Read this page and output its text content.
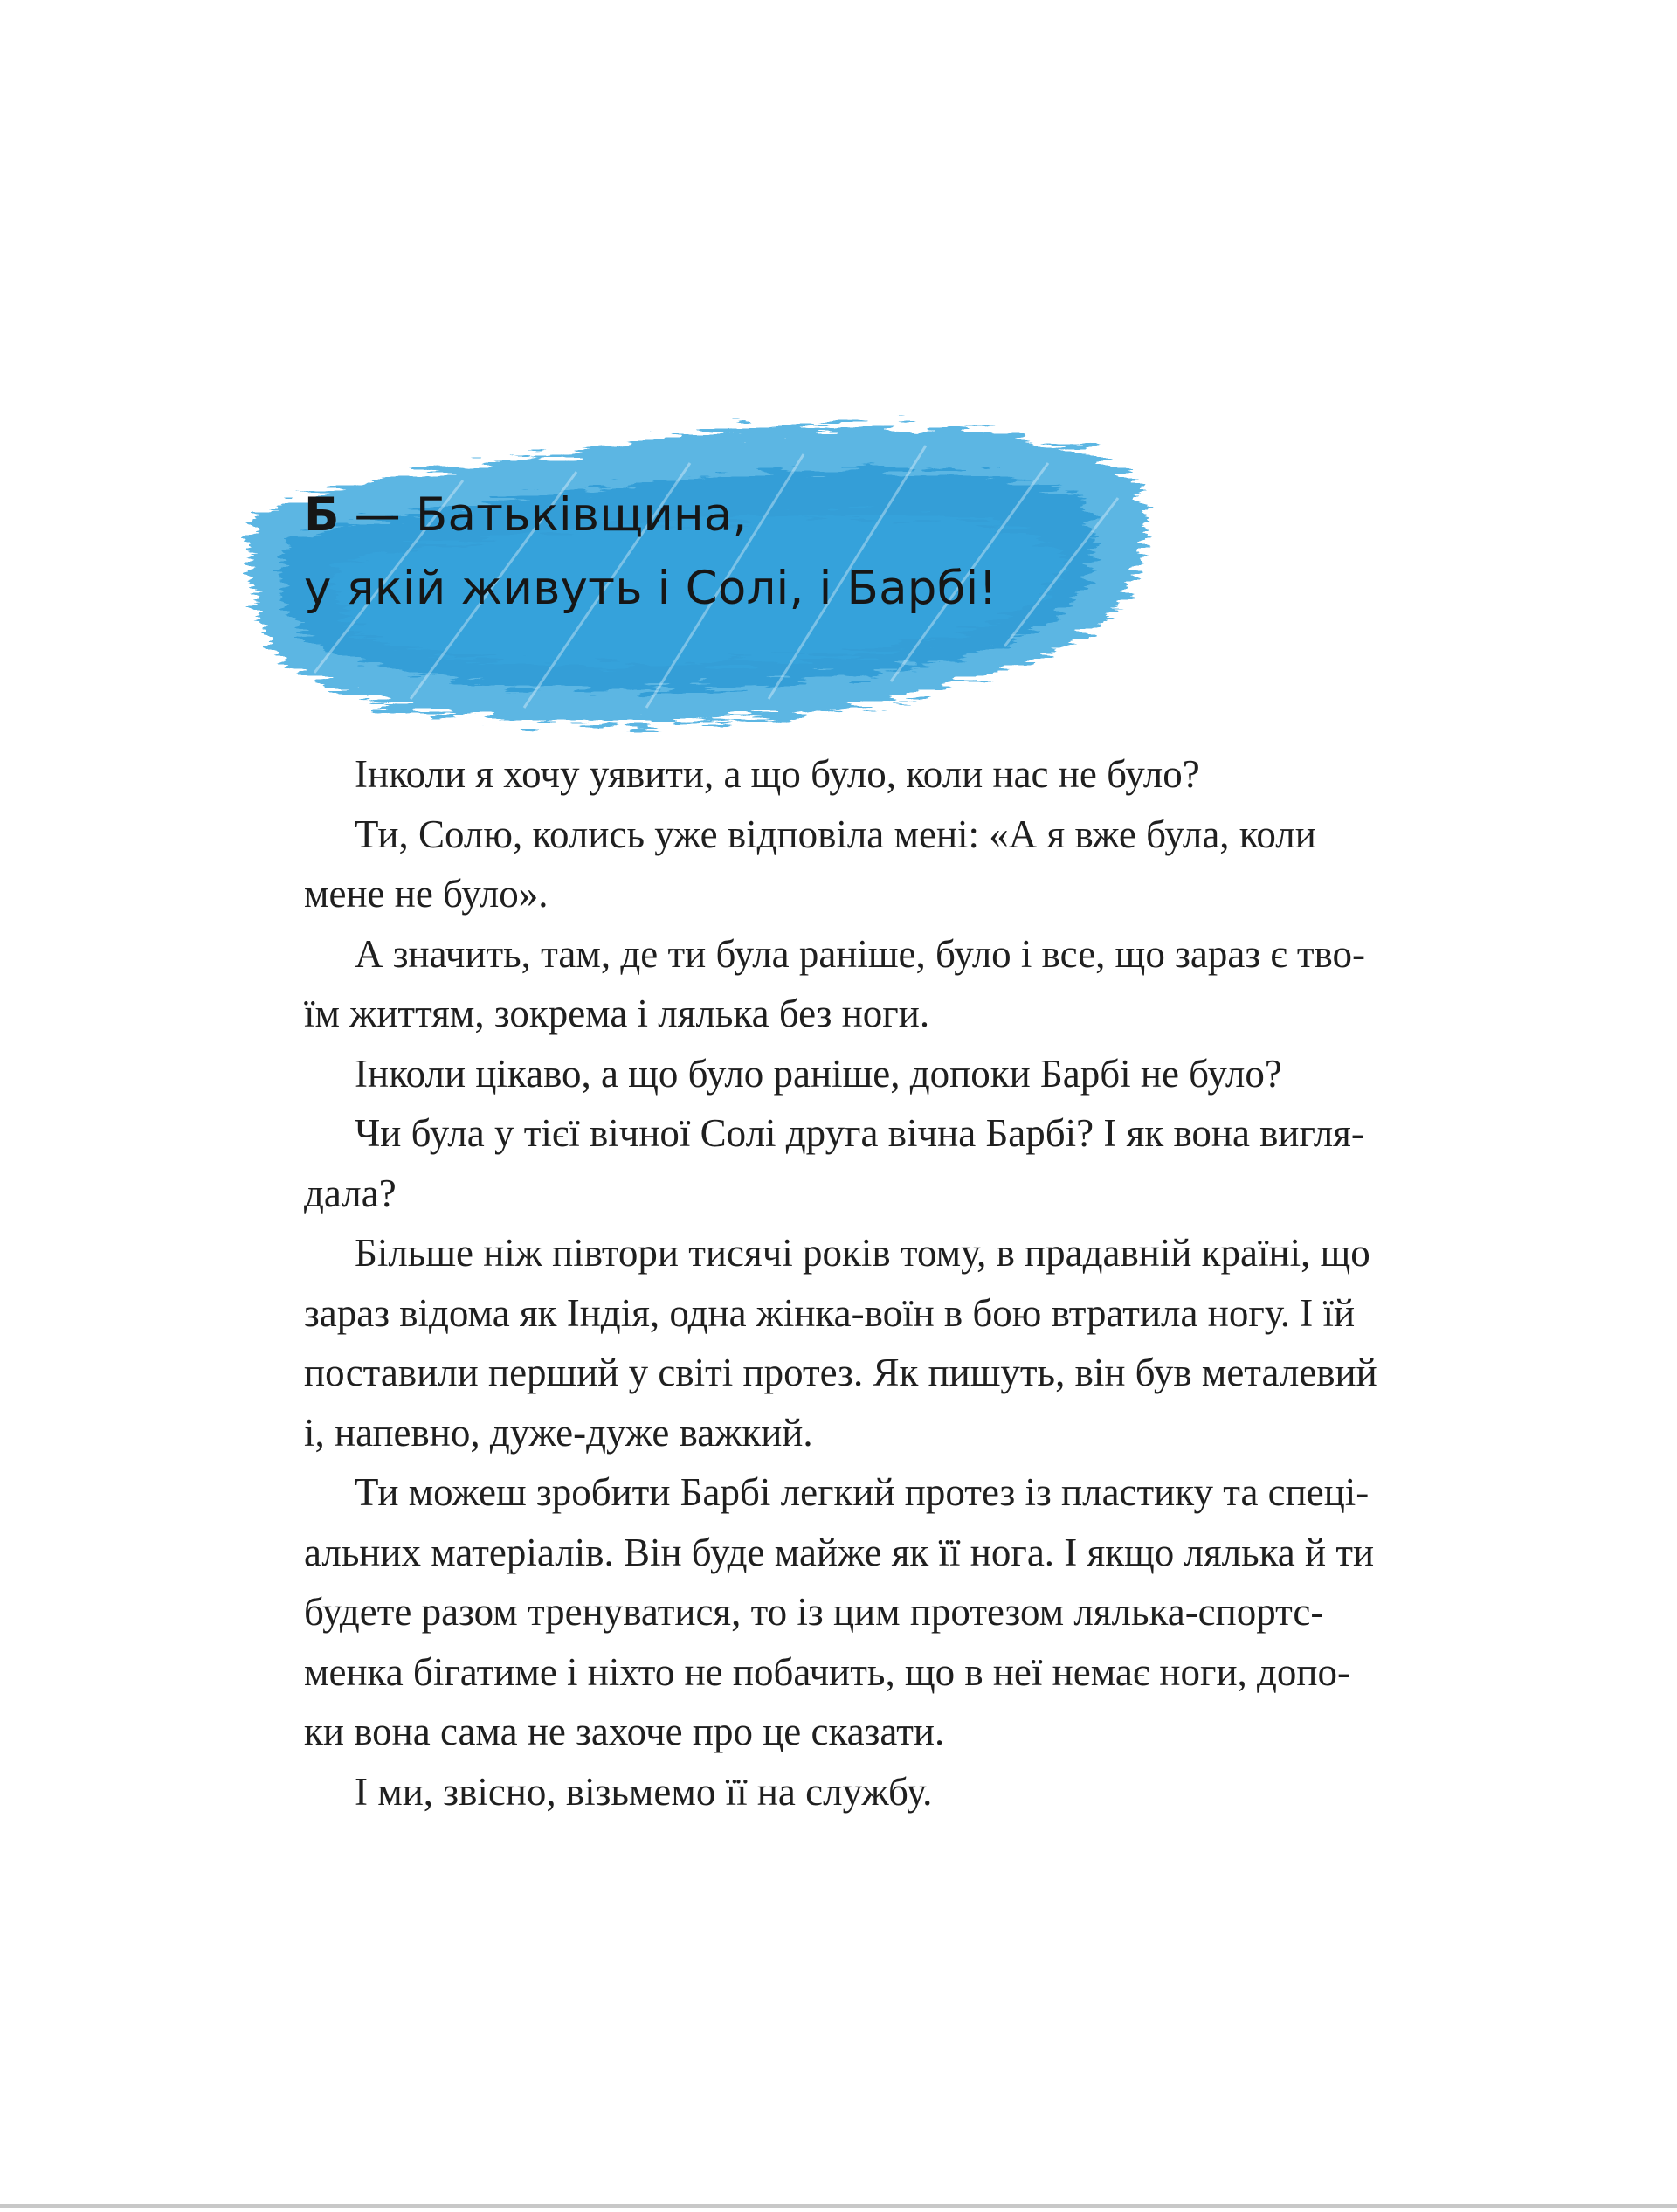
Б — Батьківщина,
у якій живуть і Солі, і Барбі!

Інколи я хочу уявити, а що було, коли нас не було?

Ти, Солю, колись уже відповіла мені: «А я вже була, коли
мене не було».

А значить, там, де ти була раніше, було і все, що зараз є тво-
їм життям, зокрема і лялька без ноги.

Інколи цікаво, а що було раніше, допоки Барбі не було?

Чи була у тієї вічної Солі друга вічна Барбі? І як вона вигля-
дала?

Більше ніж півтори тисячі років тому, в прадавній країні, що
зараз відома як Індія, одна жінка-воїн в бою втратила ногу. І їй
поставили перший у світі протез. Як пишуть, він був металевий
і, напевно, дуже-дуже важкий.

Ти можеш зробити Барбі легкий протез із пластику та спеці-
альних матеріалів. Він буде майже як її нога. І якщо лялька й ти
будете разом тренуватися, то із цим протезом лялька-спортс-
менка бігатиме і ніхто не побачить, що в неї немає ноги, допо-
ки вона сама не захоче про це сказати.

І ми, звісно, візьмемо її на службу.
